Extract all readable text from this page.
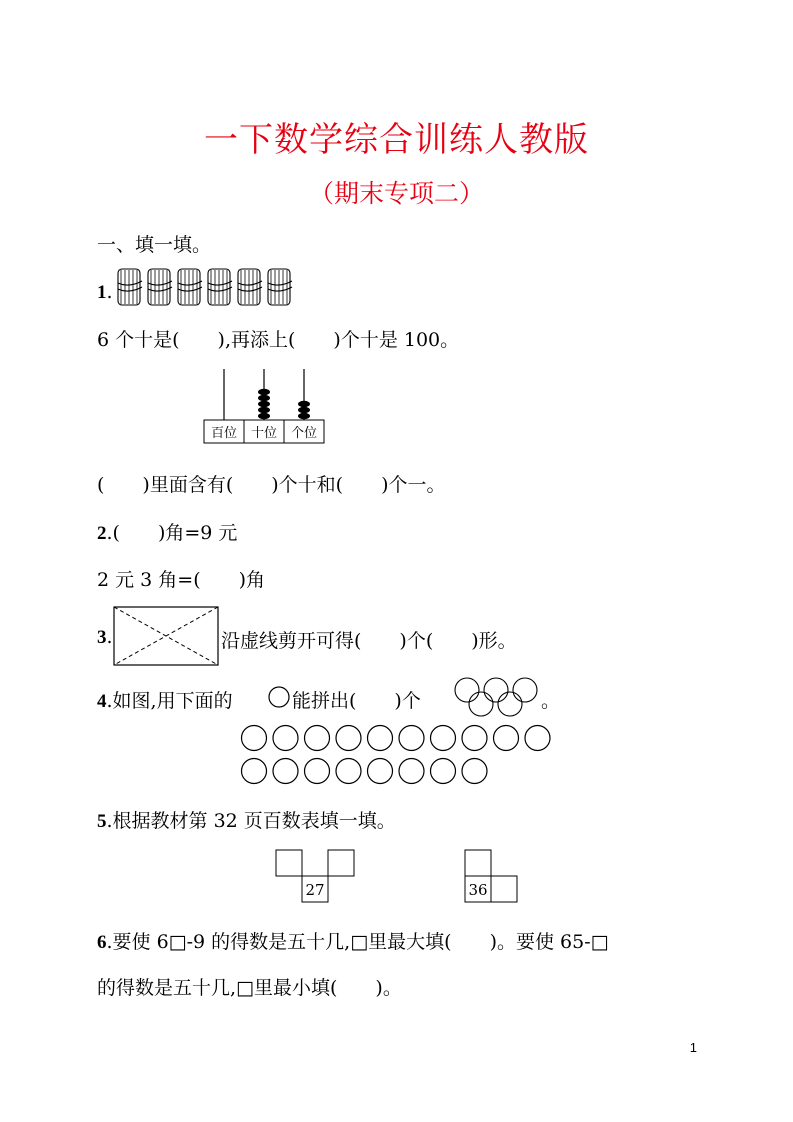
一下数学综合训练人教版
（期末专项二）
一、填一填。
1.
6 个十是(　　),再添上(　　)个十是 100。
百位 十位 个位
(　　)里面含有(　　)个十和(　　)个一。
2.(　　)角=9 元
2 元 3 角=(　　)角
3.	沿虚线剪开可得(　　)个(　　)形。
4.如图,用下面的	能拼出(　　)个	。
5.根据教材第 32 页百数表填一填。
27	36
6.要使 6□-9 的得数是五十几,□里最大填(　　)。要使 65-□
的得数是五十几,□里最小填(　　)。
1
